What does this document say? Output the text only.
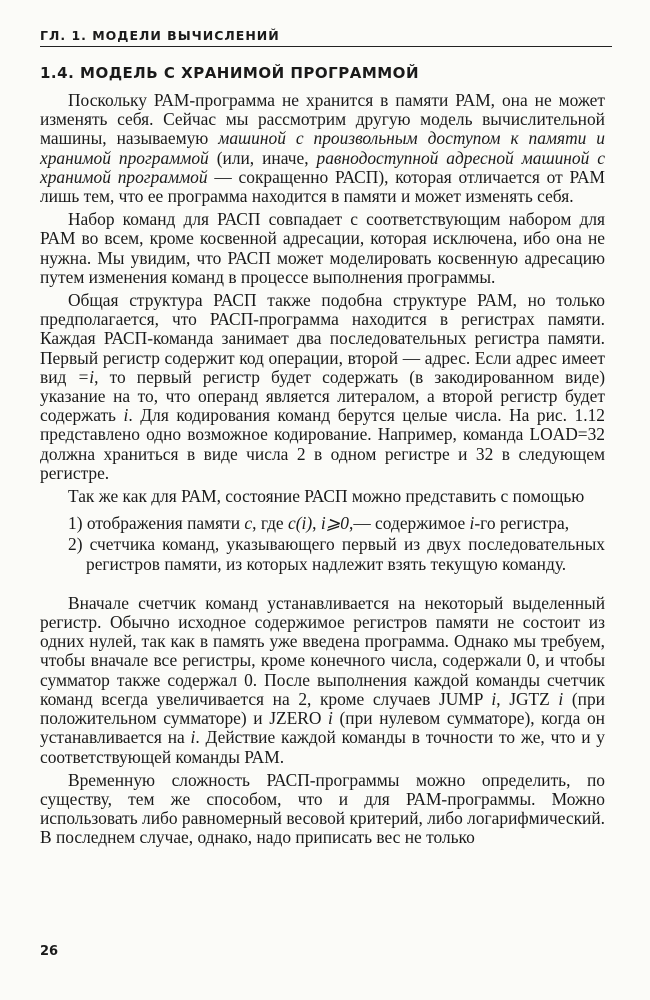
ГЛ. 1. МОДЕЛИ ВЫЧИСЛЕНИЙ
1.4. МОДЕЛЬ С ХРАНИМОЙ ПРОГРАММОЙ

Поскольку РАМ-программа не хранится в памяти РАМ, она не может изменять себя. Сейчас мы рассмотрим другую модель вычислительной машины, называемую машиной с произвольным доступом к памяти и хранимой программой (или, иначе, равнодоступной адресной машиной с хранимой программой — сокращенно РАСП), которая отличается от РАМ лишь тем, что ее программа находится в памяти и может изменять себя.

Набор команд для РАСП совпадает с соответствующим набором для РАМ во всем, кроме косвенной адресации, которая исключена, ибо она не нужна. Мы увидим, что РАСП может моделировать косвенную адресацию путем изменения команд в процессе выполнения программы.

Общая структура РАСП также подобна структуре РАМ, но только предполагается, что РАСП-программа находится в регистрах памяти. Каждая РАСП-команда занимает два последовательных регистра памяти. Первый регистр содержит код операции, второй — адрес. Если адрес имеет вид =i, то первый регистр будет содержать (в закодированном виде) указание на то, что операнд является литералом, а второй регистр будет содержать i. Для кодирования команд берутся целые числа. На рис. 1.12 представлено одно возможное кодирование. Например, команда LOAD=32 должна храниться в виде числа 2 в одном регистре и 32 в следующем регистре.

Так же как для РАМ, состояние РАСП можно представить с помощью

1) отображения памяти c, где c(i), i⩾0,— содержимое i-го регистра,
2) счетчика команд, указывающего первый из двух последовательных регистров памяти, из которых надлежит взять текущую команду.

Вначале счетчик команд устанавливается на некоторый выделенный регистр. Обычно исходное содержимое регистров памяти не состоит из одних нулей, так как в память уже введена программа. Однако мы требуем, чтобы вначале все регистры, кроме конечного числа, содержали 0, и чтобы сумматор также содержал 0. После выполнения каждой команды счетчик команд всегда увеличивается на 2, кроме случаев JUMP i, JGTZ i (при положительном сумматоре) и JZERO i (при нулевом сумматоре), когда он устанавливается на i. Действие каждой команды в точности то же, что и у соответствующей команды РАМ.

Временную сложность РАСП-программы можно определить, по существу, тем же способом, что и для РАМ-программы. Можно использовать либо равномерный весовой критерий, либо логарифмический. В последнем случае, однако, надо приписать вес не только

26
